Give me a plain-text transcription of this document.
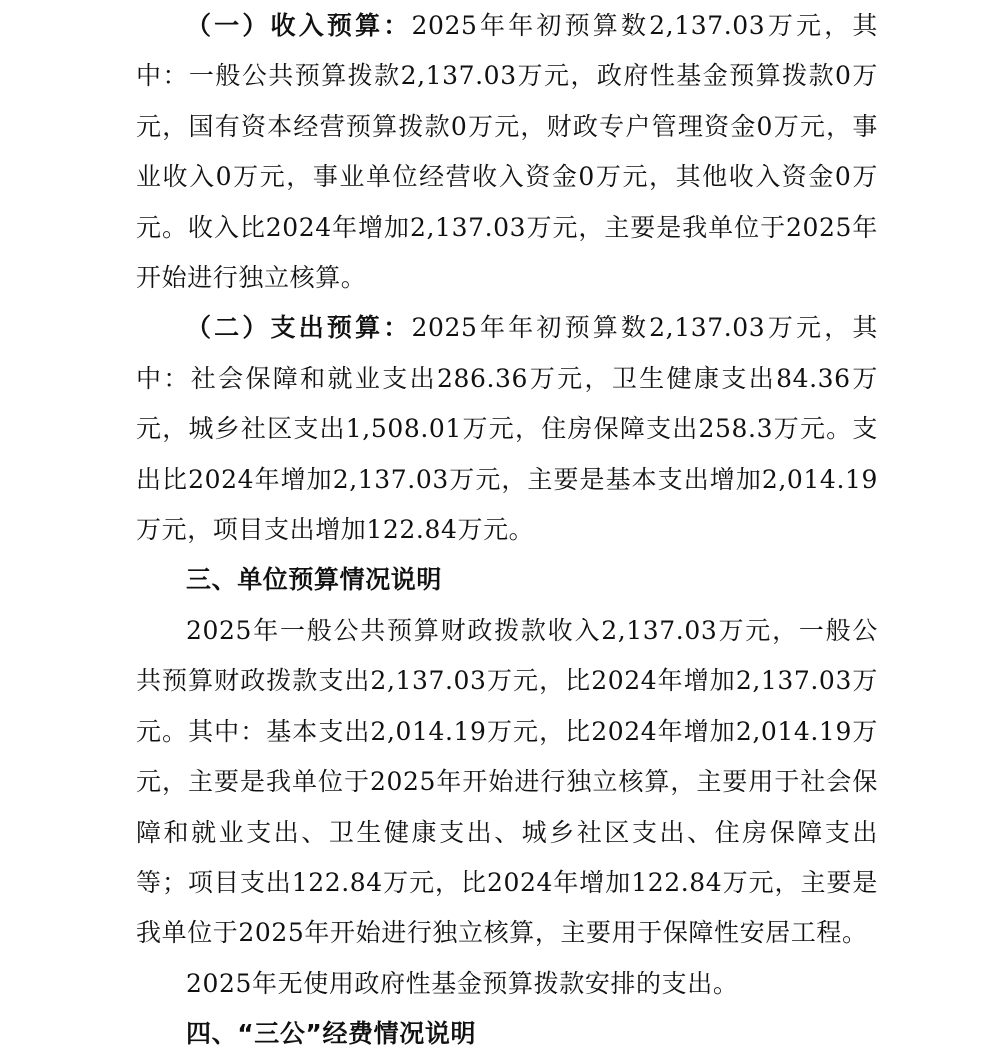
（一）收入预算：2025年年初预算数2,137.03万元，其中：一般公共预算拨款2,137.03万元，政府性基金预算拨款0万元，国有资本经营预算拨款0万元，财政专户管理资金0万元，事业收入0万元，事业单位经营收入资金0万元，其他收入资金0万元。收入比2024年增加2,137.03万元，主要是我单位于2025年开始进行独立核算。

（二）支出预算：2025年年初预算数2,137.03万元，其中：社会保障和就业支出286.36万元，卫生健康支出84.36万元，城乡社区支出1,508.01万元，住房保障支出258.3万元。支出比2024年增加2,137.03万元，主要是基本支出增加2,014.19万元，项目支出增加122.84万元。

三、单位预算情况说明

2025年一般公共预算财政拨款收入2,137.03万元，一般公共预算财政拨款支出2,137.03万元，比2024年增加2,137.03万元。其中：基本支出2,014.19万元，比2024年增加2,014.19万元，主要是我单位于2025年开始进行独立核算，主要用于社会保障和就业支出、卫生健康支出、城乡社区支出、住房保障支出等；项目支出122.84万元，比2024年增加122.84万元，主要是我单位于2025年开始进行独立核算，主要用于保障性安居工程。

2025年无使用政府性基金预算拨款安排的支出。

四、“三公”经费情况说明
